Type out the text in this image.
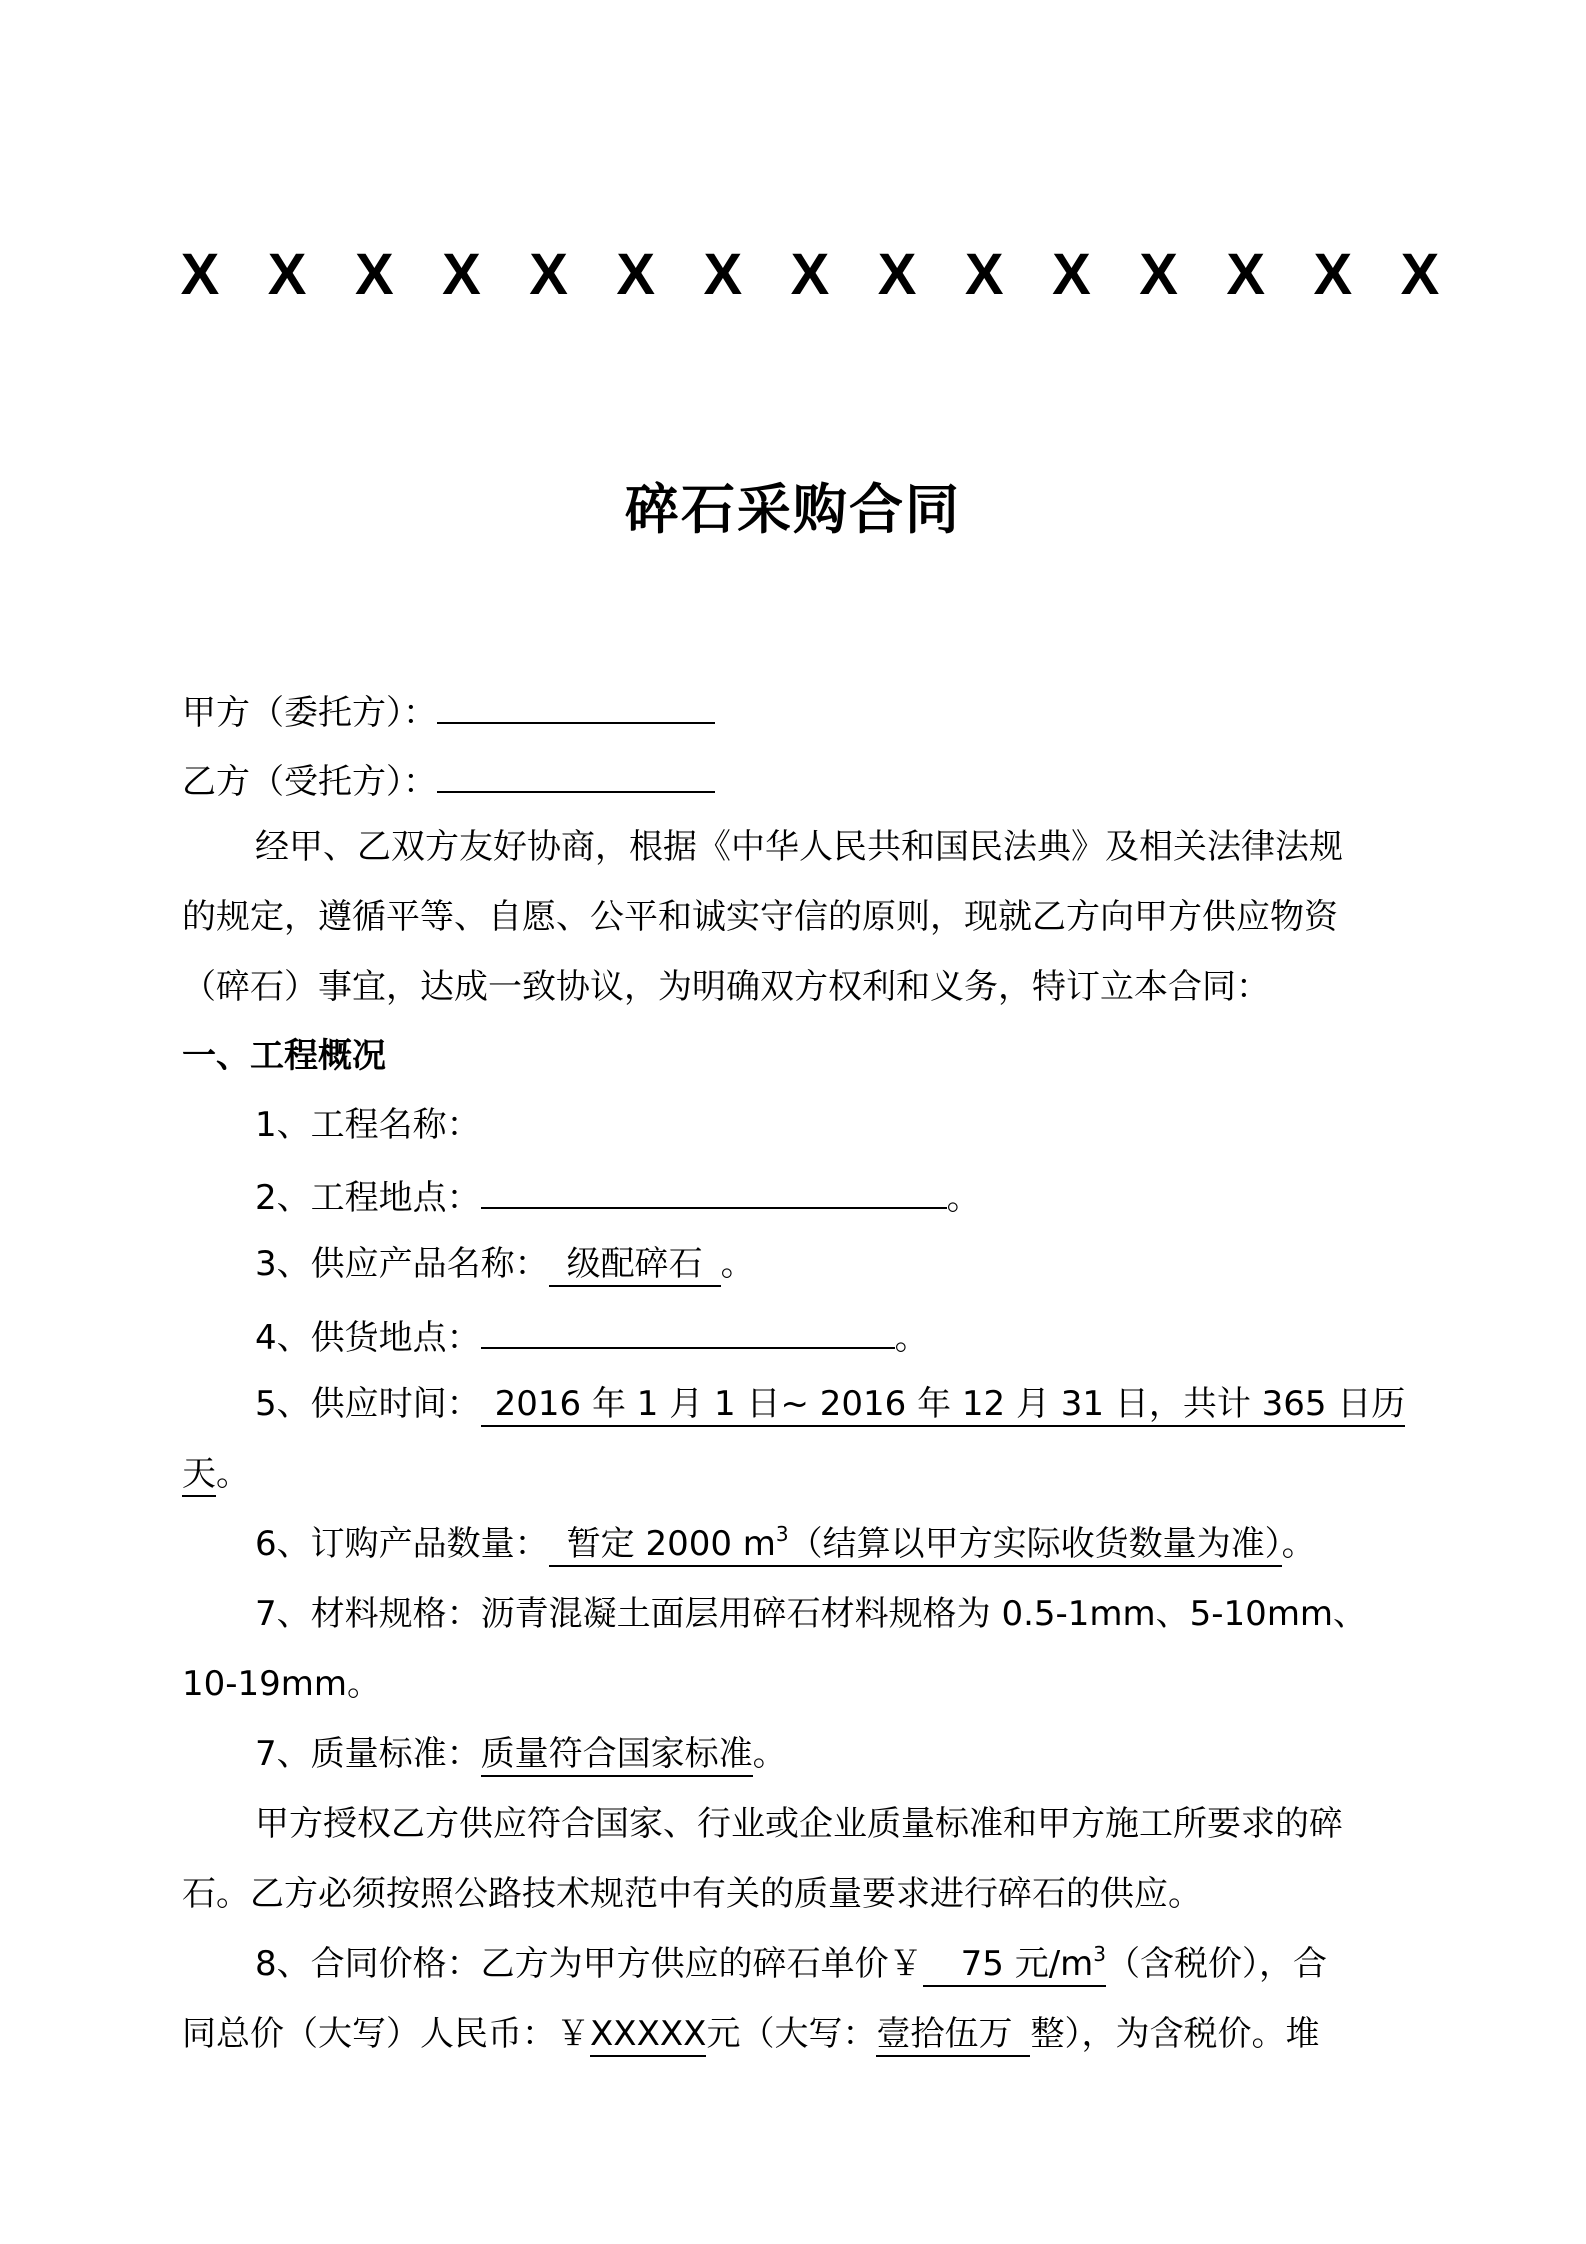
X X X X X X X X X X X X X X X
碎石采购合同
甲方（委托方）：
乙方（受托方）：
经甲、乙双方友好协商，根据《中华人民共和国民法典》及相关法律法规
的规定，遵循平等、自愿、公平和诚实守信的原则，现就乙方向甲方供应物资
（碎石）事宜，达成一致协议，为明确双方权利和义务，特订立本合同：
一、工程概况
1、工程名称：
2、工程地点：	。
3、供应产品名称： 级配碎石 。
4、供货地点：	。
5、供应时间： 2016 年 1 月 1 日~ 2016 年 12 月 31 日，共计 365 日历
天。
6、订购产品数量： 暂定 2000 $m^3$（结算以甲方实际收货数量为准）。
7、材料规格：沥青混凝土面层用碎石材料规格为 0.5-1mm、5-10mm、
10-19mm。
7、质量标准：质量符合国家标准。
甲方授权乙方供应符合国家、行业或企业质量标准和甲方施工所要求的碎
石。乙方必须按照公路技术规范中有关的质量要求进行碎石的供应。
8、合同价格：乙方为甲方供应的碎石单价￥ 75 元$/m^3$（含税价），合
同总价（大写）人民币：￥XXXXX元（大写：壹拾伍万 整），为含税价。堆
